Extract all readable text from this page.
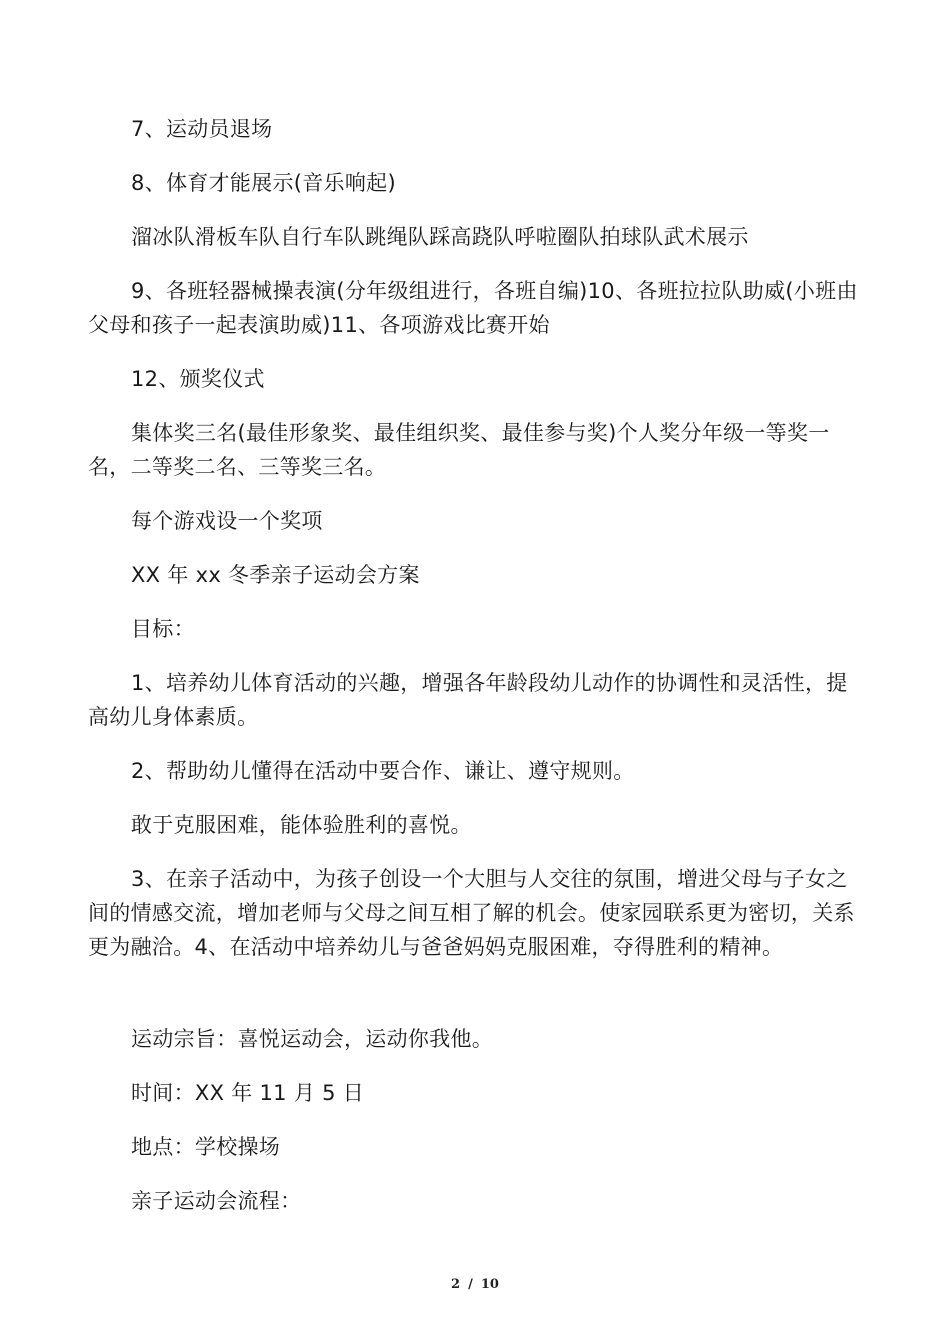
7、运动员退场

8、体育才能展示(音乐响起)

溜冰队滑板车队自行车队跳绳队踩高跷队呼啦圈队拍球队武术展示

9、各班轻器械操表演(分年级组进行，各班自编)10、各班拉拉队助威(小班由父母和孩子一起表演助威)11、各项游戏比赛开始

12、颁奖仪式

集体奖三名(最佳形象奖、最佳组织奖、最佳参与奖)个人奖分年级一等奖一名，二等奖二名、三等奖三名。

每个游戏设一个奖项

XX 年 xx 冬季亲子运动会方案

目标：

1、培养幼儿体育活动的兴趣，增强各年龄段幼儿动作的协调性和灵活性，提高幼儿身体素质。

2、帮助幼儿懂得在活动中要合作、谦让、遵守规则。

敢于克服困难，能体验胜利的喜悦。

3、在亲子活动中，为孩子创设一个大胆与人交往的氛围，增进父母与子女之间的情感交流，增加老师与父母之间互相了解的机会。使家园联系更为密切，关系更为融洽。4、在活动中培养幼儿与爸爸妈妈克服困难，夺得胜利的精神。

运动宗旨：喜悦运动会，运动你我他。

时间：XX 年 11 月 5 日

地点：学校操场

亲子运动会流程：

2 / 10
